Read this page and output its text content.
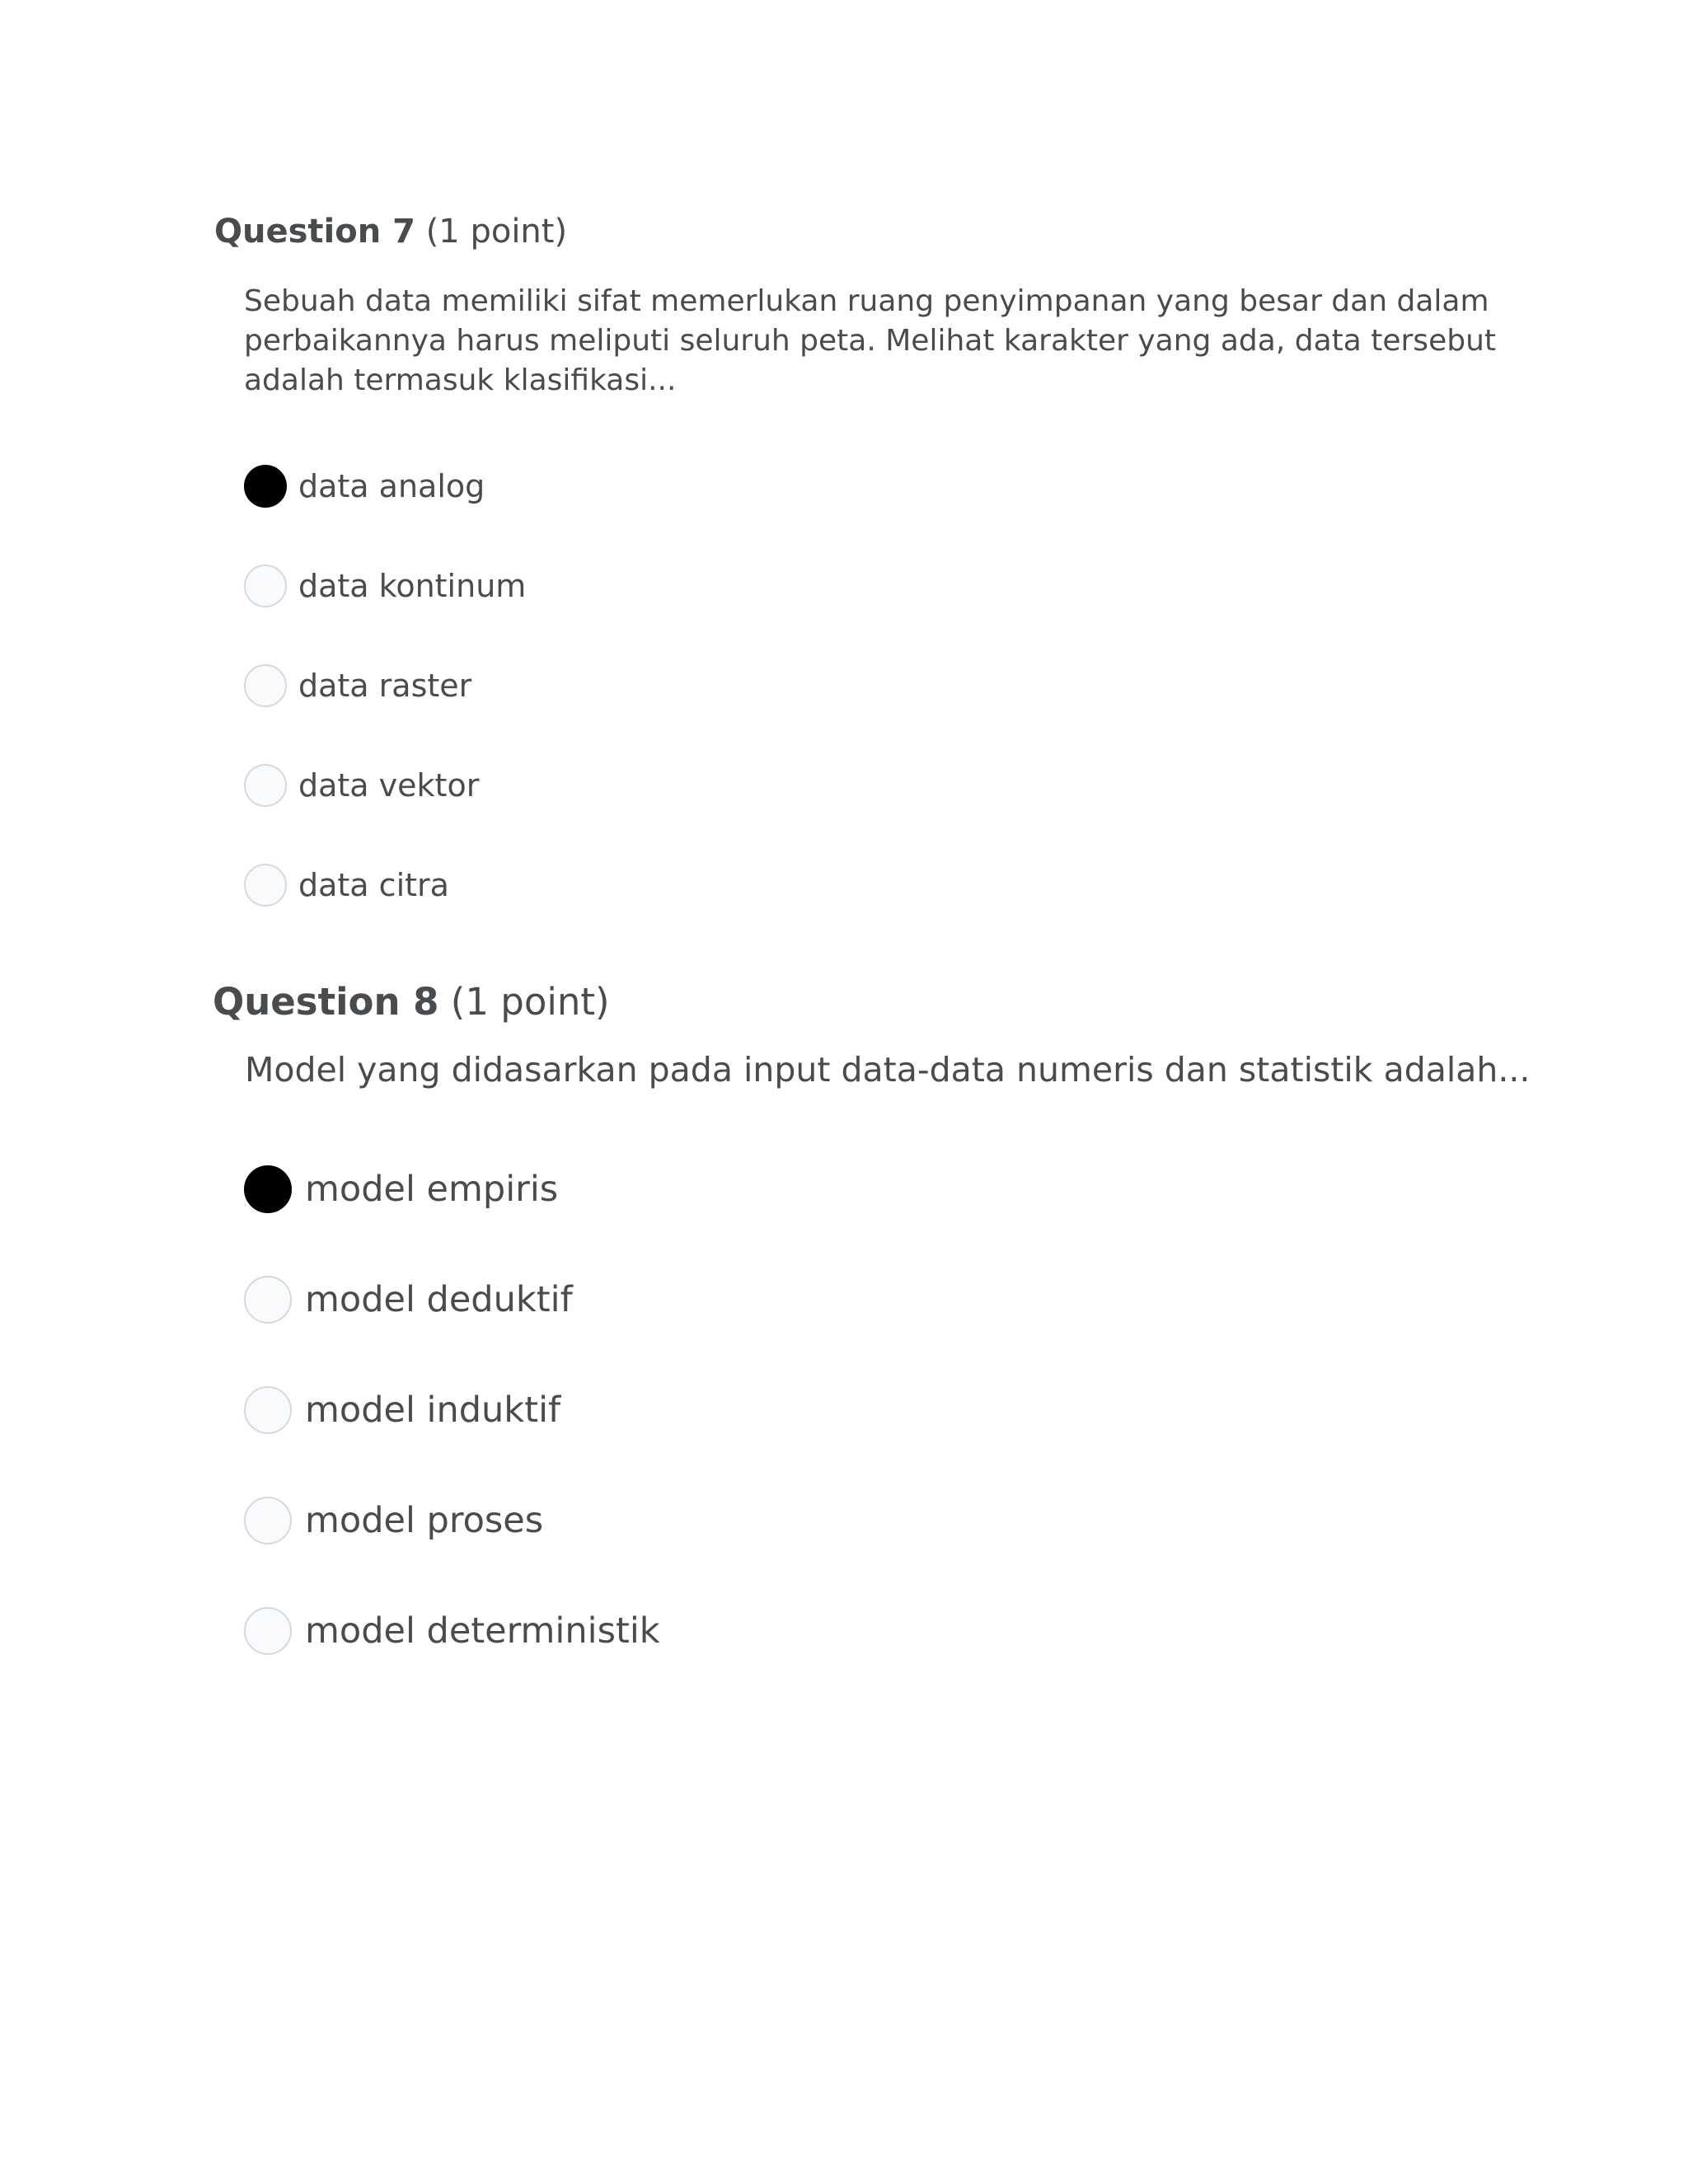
Question 7 (1 point)
Sebuah data memiliki sifat memerlukan ruang penyimpanan yang besar dan dalam perbaikannya harus meliputi seluruh peta. Melihat karakter yang ada, data tersebut adalah termasuk klasifikasi...
data analog
data kontinum
data raster
data vektor
data citra
Question 8 (1 point)
Model yang didasarkan pada input data-data numeris dan statistik adalah...
model empiris
model deduktif
model induktif
model proses
model deterministik
